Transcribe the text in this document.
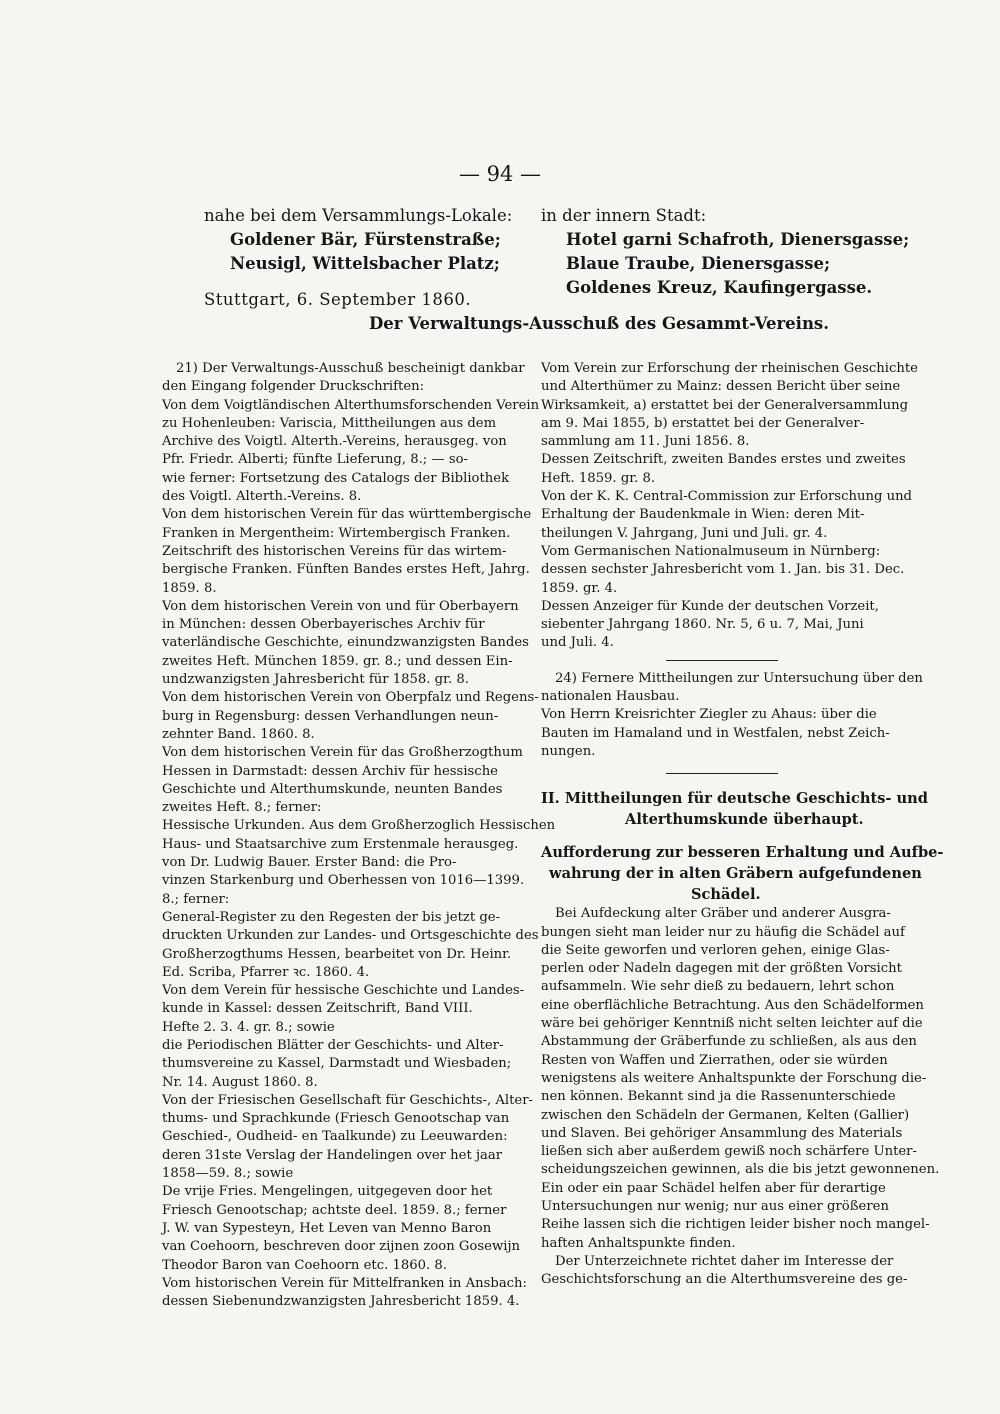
— 94 —
nahe bei dem Versammlungs-Lokale:
Goldener Bär, Fürstenstraße;
Neusigl, Wittelsbacher Platz;
in der innern Stadt:
Hotel garni Schafroth, Dienersgasse;
Blaue Traube, Dienersgasse;
Goldenes Kreuz, Kaufingergasse.
Stuttgart, 6. September 1860.
Der Verwaltungs-Ausschuß des Gesammt-Vereins.
21) Der Verwaltungs-Ausschuß bescheinigt dankbar
den Eingang folgender Druckschriften:
Von dem Voigtländischen Alterthumsforschenden Verein
zu Hohenleuben: Variscia, Mittheilungen aus dem
Archive des Voigtl. Alterth.-Vereins, herausgeg. von
Pfr. Friedr. Alberti; fünfte Lieferung, 8.; — so-
wie ferner: Fortsetzung des Catalogs der Bibliothek
des Voigtl. Alterth.-Vereins. 8.
Von dem historischen Verein für das württembergische
Franken in Mergentheim: Wirtembergisch Franken.
Zeitschrift des historischen Vereins für das wirtem-
bergische Franken. Fünften Bandes erstes Heft, Jahrg.
1859. 8.
Von dem historischen Verein von und für Oberbayern
in München: dessen Oberbayerisches Archiv für
vaterländische Geschichte, einundzwanzigsten Bandes
zweites Heft. München 1859. gr. 8.; und dessen Ein-
undzwanzigsten Jahresbericht für 1858. gr. 8.
Von dem historischen Verein von Oberpfalz und Regens-
burg in Regensburg: dessen Verhandlungen neun-
zehnter Band. 1860. 8.
Von dem historischen Verein für das Großherzogthum
Hessen in Darmstadt: dessen Archiv für hessische
Geschichte und Alterthumskunde, neunten Bandes
zweites Heft. 8.; ferner:
Hessische Urkunden. Aus dem Großherzoglich Hessischen
Haus- und Staatsarchive zum Erstenmale herausgeg.
von Dr. Ludwig Bauer. Erster Band: die Pro-
vinzen Starkenburg und Oberhessen von 1016—1399.
8.; ferner:
General-Register zu den Regesten der bis jetzt ge-
druckten Urkunden zur Landes- und Ortsgeschichte des
Großherzogthums Hessen, bearbeitet von Dr. Heinr.
Ed. Scriba, Pfarrer ꝛc. 1860. 4.
Von dem Verein für hessische Geschichte und Landes-
kunde in Kassel: dessen Zeitschrift, Band VIII.
Hefte 2. 3. 4. gr. 8.; sowie
die Periodischen Blätter der Geschichts- und Alter-
thumsvereine zu Kassel, Darmstadt und Wiesbaden;
Nr. 14. August 1860. 8.
Von der Friesischen Gesellschaft für Geschichts-, Alter-
thums- und Sprachkunde (Friesch Genootschap van
Geschied-, Oudheid- en Taalkunde) zu Leeuwarden:
deren 31ste Verslag der Handelingen over het jaar
1858—59. 8.; sowie
De vrije Fries. Mengelingen, uitgegeven door het
Friesch Genootschap; achtste deel. 1859. 8.; ferner
J. W. van Sypesteyn, Het Leven van Menno Baron
van Coehoorn, beschreven door zijnen zoon Gosewijn
Theodor Baron van Coehoorn etc. 1860. 8.
Vom historischen Verein für Mittelfranken in Ansbach:
dessen Siebenundzwanzigsten Jahresbericht 1859. 4.
Vom Verein zur Erforschung der rheinischen Geschichte
und Alterthümer zu Mainz: dessen Bericht über seine
Wirksamkeit, a) erstattet bei der Generalversammlung
am 9. Mai 1855, b) erstattet bei der Generalver-
sammlung am 11. Juni 1856. 8.
Dessen Zeitschrift, zweiten Bandes erstes und zweites
Heft. 1859. gr. 8.
Von der K. K. Central-Commission zur Erforschung und
Erhaltung der Baudenkmale in Wien: deren Mit-
theilungen V. Jahrgang, Juni und Juli. gr. 4.
Vom Germanischen Nationalmuseum in Nürnberg:
dessen sechster Jahresbericht vom 1. Jan. bis 31. Dec.
1859. gr. 4.
Dessen Anzeiger für Kunde der deutschen Vorzeit,
siebenter Jahrgang 1860. Nr. 5, 6 u. 7, Mai, Juni
und Juli. 4.
24) Fernere Mittheilungen zur Untersuchung über den
nationalen Hausbau.
Von Herrn Kreisrichter Ziegler zu Ahaus: über die
Bauten im Hamaland und in Westfalen, nebst Zeich-
nungen.
II. Mittheilungen für deutsche Geschichts- und
Alterthumskunde überhaupt.
Aufforderung zur besseren Erhaltung und Aufbe-
wahrung der in alten Gräbern aufgefundenen
Schädel.
Bei Aufdeckung alter Gräber und anderer Ausgra-
bungen sieht man leider nur zu häufig die Schädel auf
die Seite geworfen und verloren gehen, einige Glas-
perlen oder Nadeln dagegen mit der größten Vorsicht
aufsammeln. Wie sehr dieß zu bedauern, lehrt schon
eine oberflächliche Betrachtung. Aus den Schädelformen
wäre bei gehöriger Kenntniß nicht selten leichter auf die
Abstammung der Gräberfunde zu schließen, als aus den
Resten von Waffen und Zierrathen, oder sie würden
wenigstens als weitere Anhaltspunkte der Forschung die-
nen können. Bekannt sind ja die Rassenunterschiede
zwischen den Schädeln der Germanen, Kelten (Gallier)
und Slaven. Bei gehöriger Ansammlung des Materials
ließen sich aber außerdem gewiß noch schärfere Unter-
scheidungszeichen gewinnen, als die bis jetzt gewonnenen.
Ein oder ein paar Schädel helfen aber für derartige
Untersuchungen nur wenig; nur aus einer größeren
Reihe lassen sich die richtigen leider bisher noch mangel-
haften Anhaltspunkte finden.
Der Unterzeichnete richtet daher im Interesse der
Geschichtsforschung an die Alterthumsvereine des ge-
